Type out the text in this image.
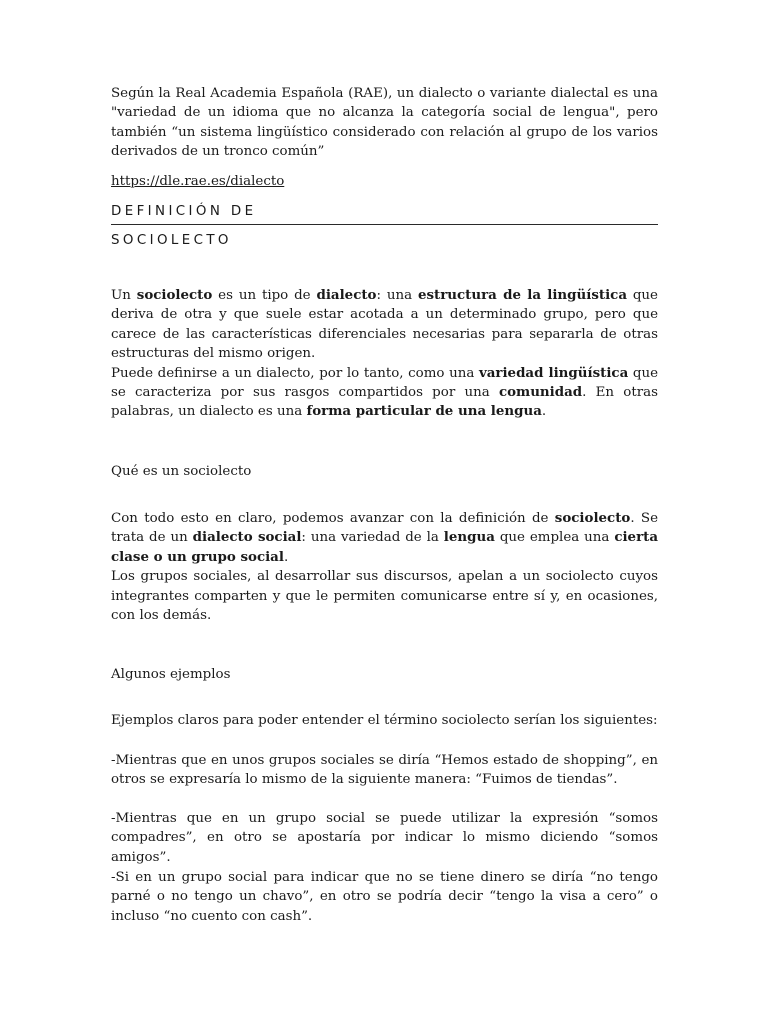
Según la Real Academia Española (RAE), un dialecto o variante dialectal es una "variedad de un idioma que no alcanza la categoría social de lengua", pero también “un sistema lingüístico considerado con relación al grupo de los varios derivados de un tronco común”

https://dle.rae.es/dialecto
DEFINICIÓN DE
SOCIOLECTO

Un sociolecto es un tipo de dialecto: una estructura de la lingüística que deriva de otra y que suele estar acotada a un determinado grupo, pero que carece de las características diferenciales necesarias para separarla de otras estructuras del mismo origen.

Puede definirse a un dialecto, por lo tanto, como una variedad lingüística que se caracteriza por sus rasgos compartidos por una comunidad. En otras palabras, un dialecto es una forma particular de una lengua.

Qué es un sociolecto

Con todo esto en claro, podemos avanzar con la definición de sociolecto. Se trata de un dialecto social: una variedad de la lengua que emplea una cierta clase o un grupo social.

Los grupos sociales, al desarrollar sus discursos, apelan a un sociolecto cuyos integrantes comparten y que le permiten comunicarse entre sí y, en ocasiones, con los demás.

Algunos ejemplos
Ejemplos claros para poder entender el término sociolecto serían los siguientes:
-Mientras que en unos grupos sociales se diría “Hemos estado de shopping”, en otros se expresaría lo mismo de la siguiente manera: “Fuimos de tiendas”.
-Mientras que en un grupo social se puede utilizar la expresión “somos compadres”, en otro se apostaría por indicar lo mismo diciendo “somos amigos”.
-Si en un grupo social para indicar que no se tiene dinero se diría “no tengo parné o no tengo un chavo”, en otro se podría decir “tengo la visa a cero” o incluso “no cuento con cash”.
